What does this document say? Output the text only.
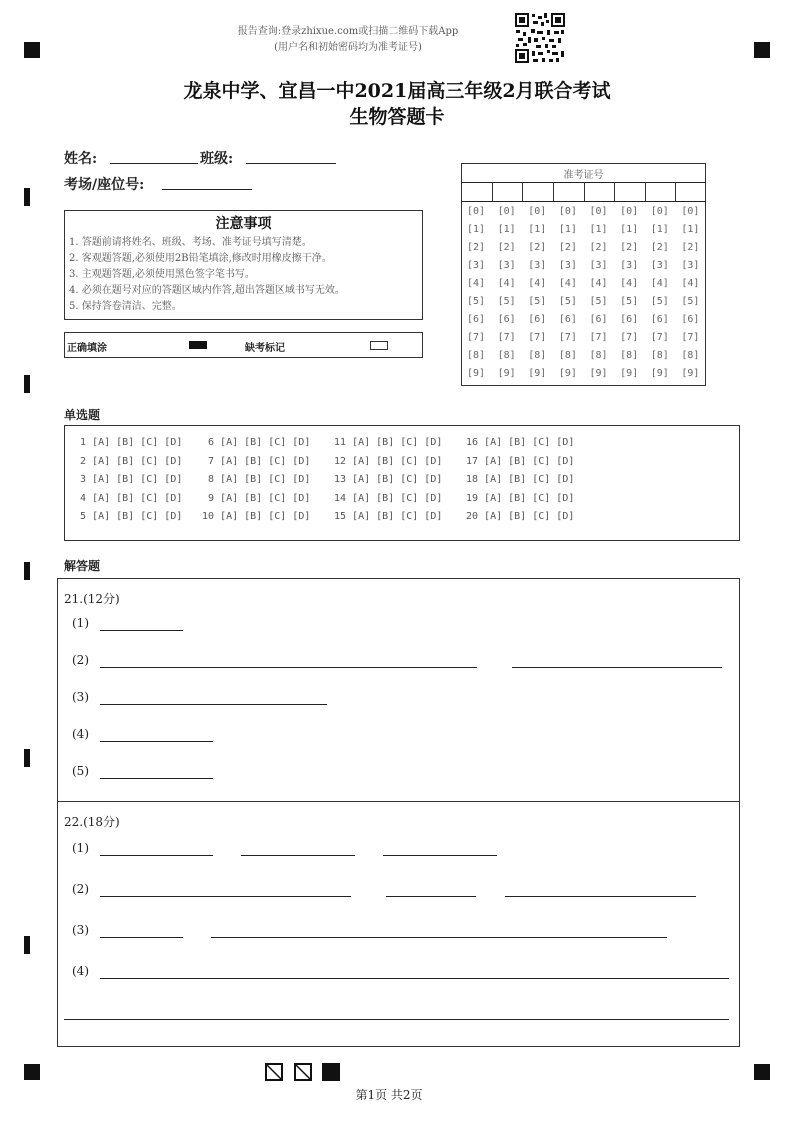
报告查询:登录zhixue.com或扫描二维码下载App
(用户名和初始密码均为准考证号)
龙泉中学、宜昌一中2021届高三年级2月联合考试
生物答题卡
姓名:	班级:
考场/座位号:
注意事项
1. 答题前请将姓名、班级、考场、准考证号填写清楚。
2. 客观题答题,必须使用2B铅笔填涂,修改时用橡皮擦干净。
3. 主观题答题,必须使用黑色签字笔书写。
4. 必须在题号对应的答题区域内作答,超出答题区域书写无效。
5. 保持答卷清洁、完整。
正确填涂	缺考标记
准考证号
[0]
[1]
[2]
[3]
[4]
[5]
[6]
[7]
[8]
[9]
[0]
[1]
[2]
[3]
[4]
[5]
[6]
[7]
[8]
[9]
[0]
[1]
[2]
[3]
[4]
[5]
[6]
[7]
[8]
[9]
[0]
[1]
[2]
[3]
[4]
[5]
[6]
[7]
[8]
[9]
[0]
[1]
[2]
[3]
[4]
[5]
[6]
[7]
[8]
[9]
[0]
[1]
[2]
[3]
[4]
[5]
[6]
[7]
[8]
[9]
[0]
[1]
[2]
[3]
[4]
[5]
[6]
[7]
[8]
[9]
[0]
[1]
[2]
[3]
[4]
[5]
[6]
[7]
[8]
[9]
单选题
1 [A] [B] [C] [D] 6 [A] [B] [C] [D] 11 [A] [B] [C] [D] 16 [A] [B] [C] [D]
2 [A] [B] [C] [D] 7 [A] [B] [C] [D] 12 [A] [B] [C] [D] 17 [A] [B] [C] [D]
3 [A] [B] [C] [D] 8 [A] [B] [C] [D] 13 [A] [B] [C] [D] 18 [A] [B] [C] [D]
4 [A] [B] [C] [D] 9 [A] [B] [C] [D] 14 [A] [B] [C] [D] 19 [A] [B] [C] [D]
5 [A] [B] [C] [D] 10 [A] [B] [C] [D] 15 [A] [B] [C] [D] 20 [A] [B] [C] [D]
解答题
21.(12分)
(1)
(2)
(3)
(4)
(5)
22.(18分)
(1)
(2)
(3)
(4)
第1页 共2页
